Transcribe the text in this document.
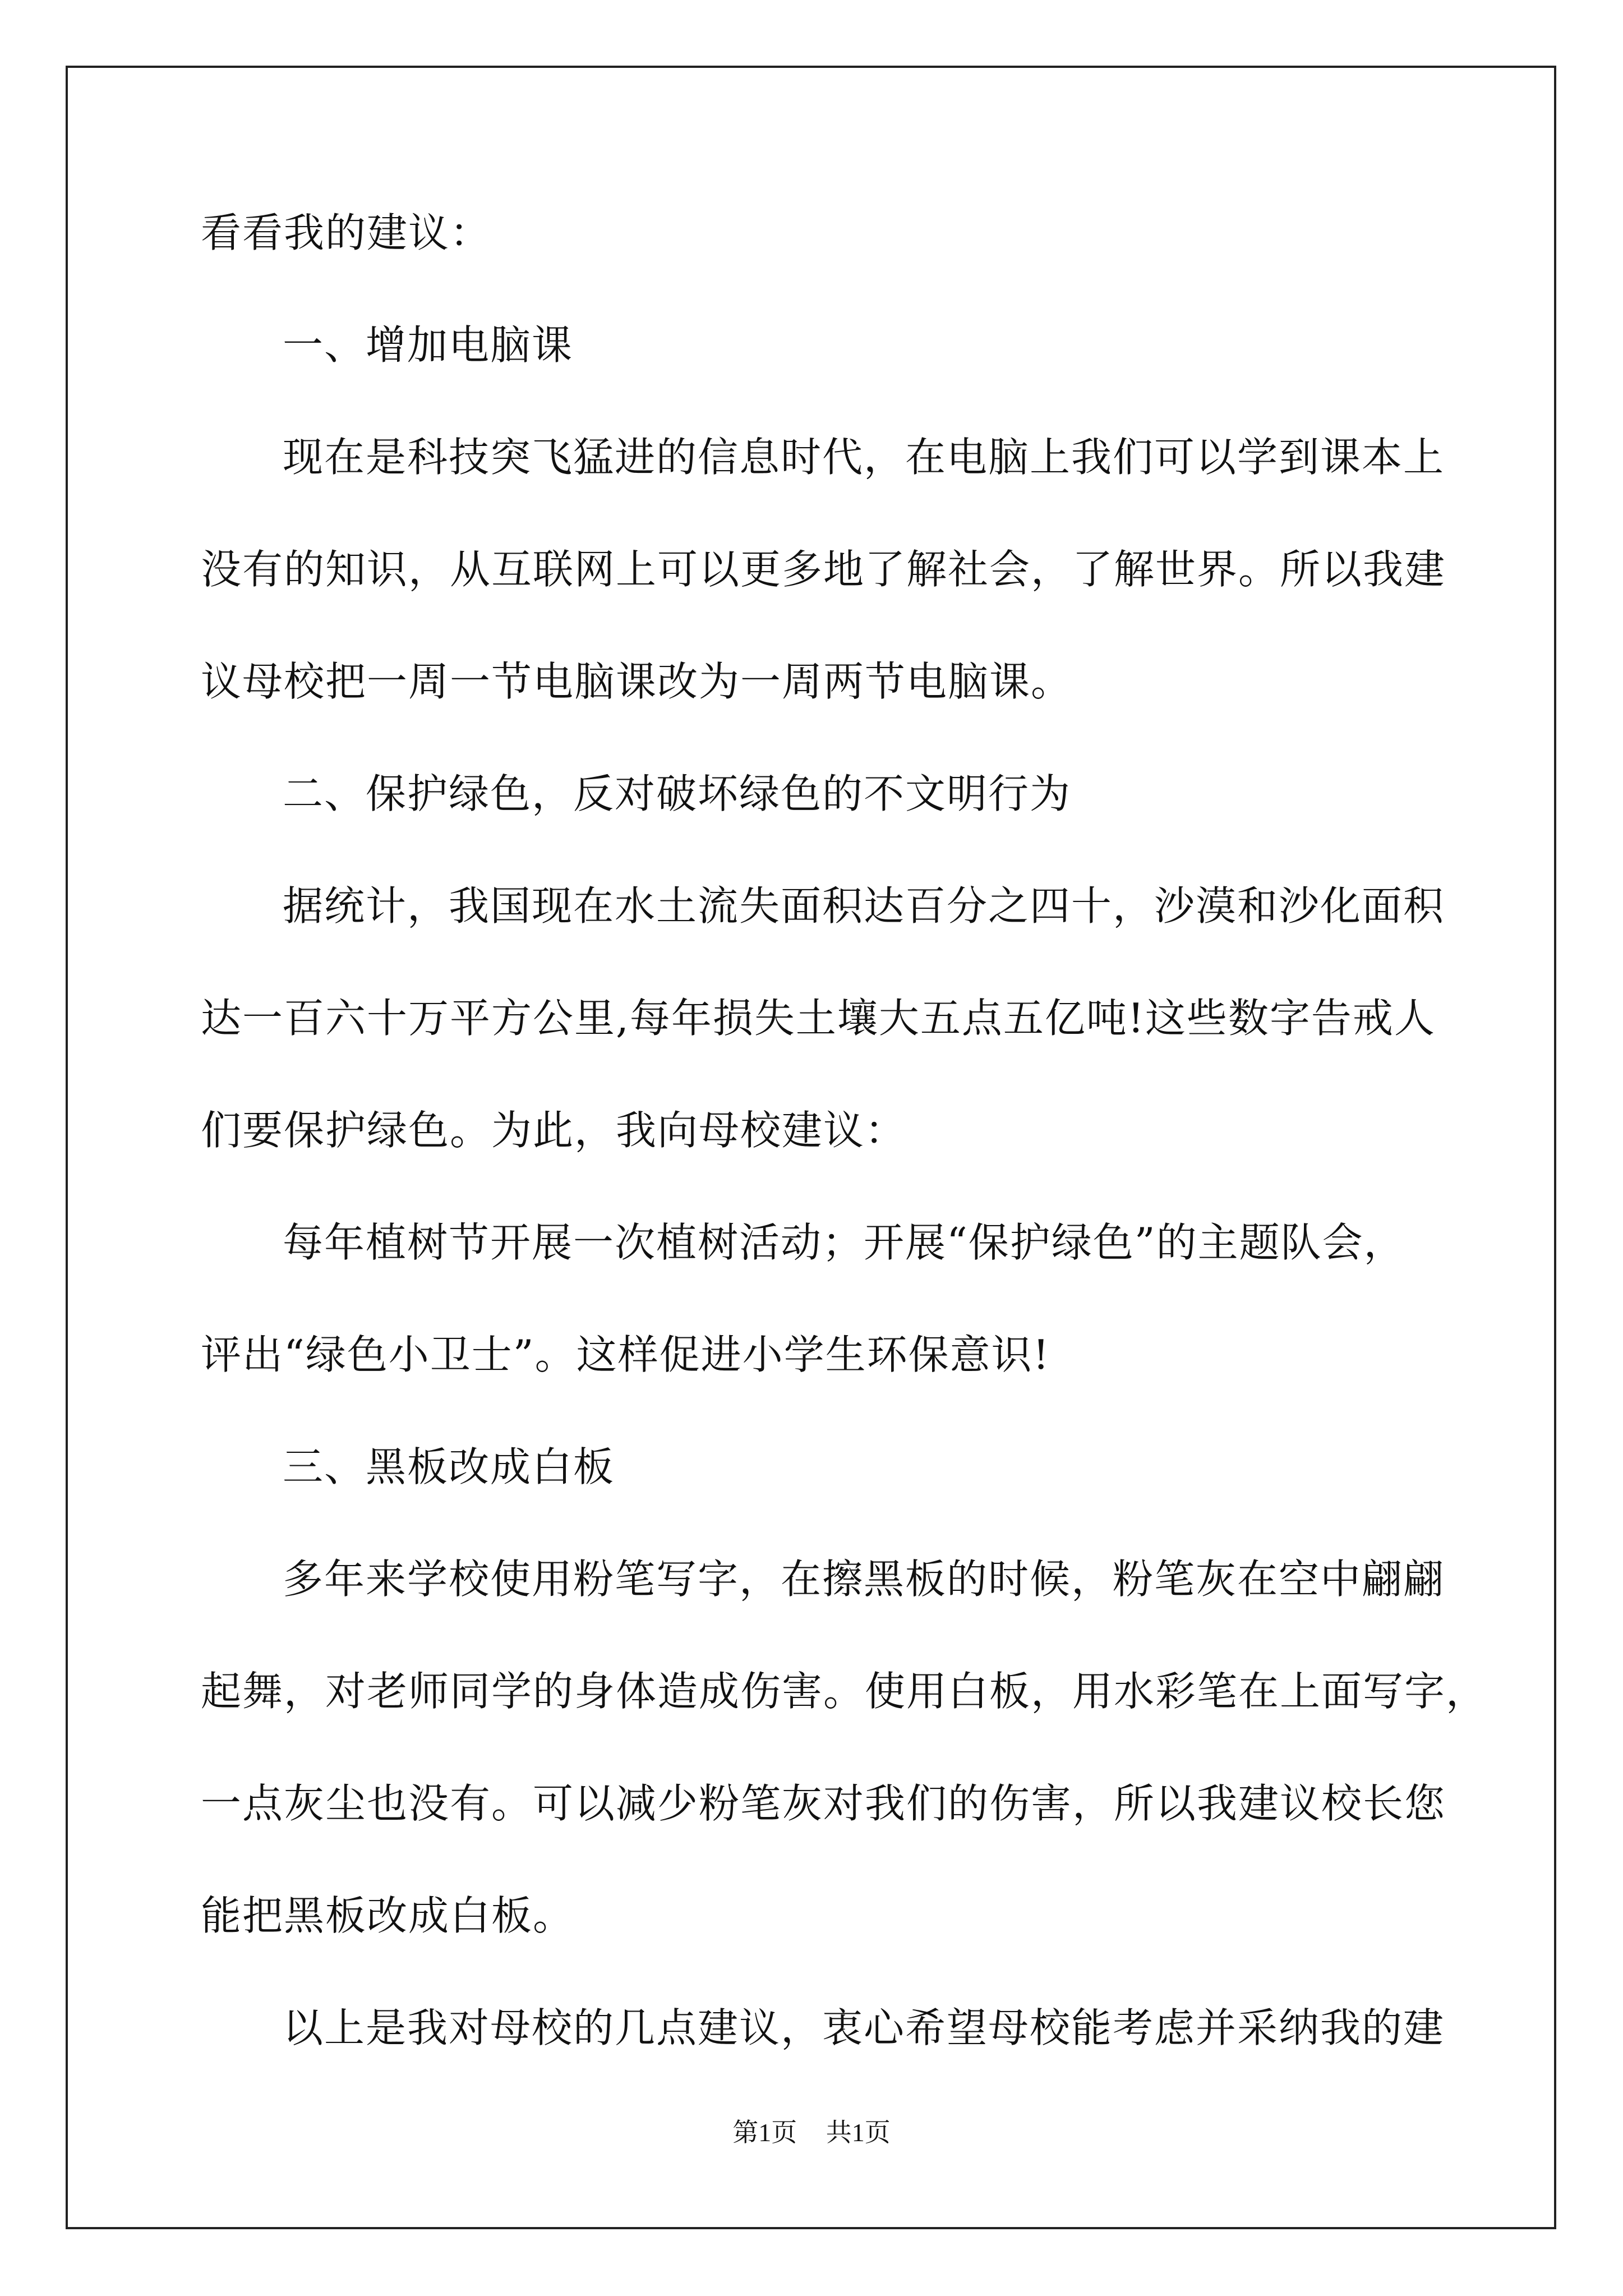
看看我的建议：
一、增加电脑课
现在是科技突飞猛进的信息时代，在电脑上我们可以学到课本上
没有的知识，从互联网上可以更多地了解社会，了解世界。所以我建
议母校把一周一节电脑课改为一周两节电脑课。
二、保护绿色，反对破坏绿色的不文明行为
据统计，我国现在水土流失面积达百分之四十，沙漠和沙化面积
达一百六十万平方公里,每年损失土壤大五点五亿吨!这些数字告戒人
们要保护绿色。为此，我向母校建议：
每年植树节开展一次植树活动；开展“保护绿色”的主题队会，
评出“绿色小卫士”。这样促进小学生环保意识!
三、黑板改成白板
多年来学校使用粉笔写字，在擦黑板的时候，粉笔灰在空中翩翩
起舞，对老师同学的身体造成伤害。使用白板，用水彩笔在上面写字，
一点灰尘也没有。可以减少粉笔灰对我们的伤害，所以我建议校长您
能把黑板改成白板。
以上是我对母校的几点建议，衷心希望母校能考虑并采纳我的建
第1页 共1页
